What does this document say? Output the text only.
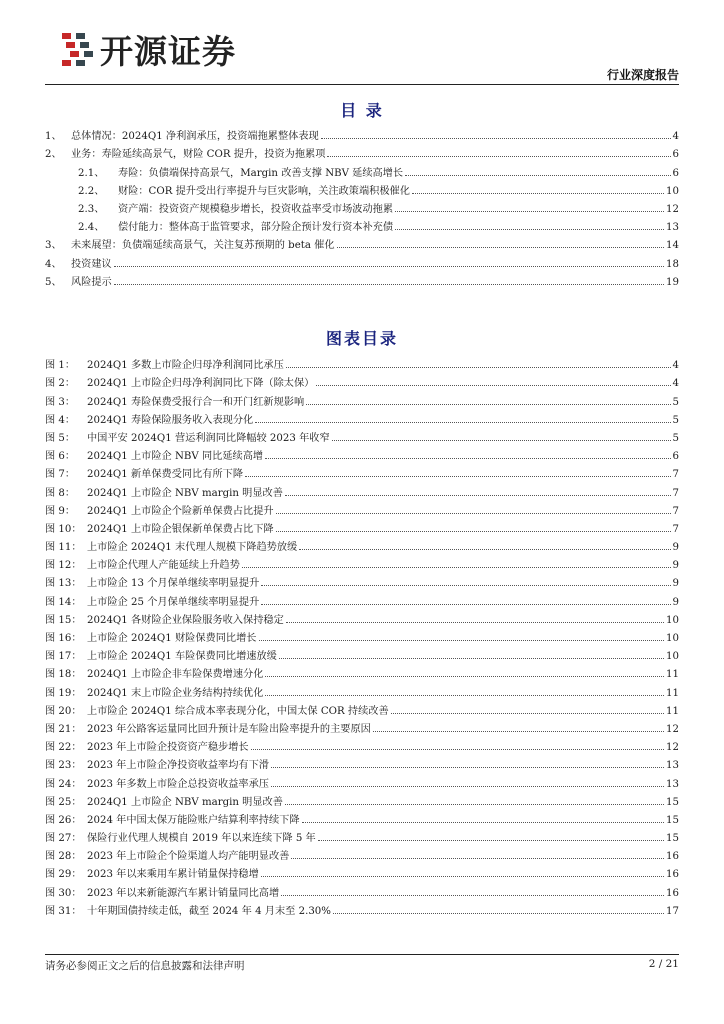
开源证券
行业深度报告
目 录
1、 总体情况：2024Q1 净利润承压，投资端拖累整体表现	4
2、 业务：寿险延续高景气，财险 COR 提升，投资为拖累项	6
2.1、	寿险：负债端保持高景气，Margin 改善支撑 NBV 延续高增长	6
2.2、	财险：COR 提升受出行率提升与巨灾影响，关注政策端积极催化	10
2.3、	资产端：投资资产规模稳步增长，投资收益率受市场波动拖累	12
2.4、	偿付能力：整体高于监管要求，部分险企预计发行资本补充债	13
3、 未来展望：负债端延续高景气，关注复苏预期的 beta 催化	14
4、 投资建议	18
5、 风险提示	19
图表目录
图 1：	2024Q1 多数上市险企归母净利润同比承压	4
图 2：	2024Q1 上市险企归母净利润同比下降（除太保）	4
图 3：	2024Q1 寿险保费受报行合一和开门红新规影响	5
图 4：	2024Q1 寿险保险服务收入表现分化	5
图 5：	中国平安 2024Q1 营运利润同比降幅较 2023 年收窄	5
图 6：	2024Q1 上市险企 NBV 同比延续高增	6
图 7：	2024Q1 新单保费受同比有所下降	7
图 8：	2024Q1 上市险企 NBV margin 明显改善	7
图 9：	2024Q1 上市险企个险新单保费占比提升	7
图 10： 2024Q1 上市险企银保新单保费占比下降	7
图 11： 上市险企 2024Q1 末代理人规模下降趋势放缓	9
图 12： 上市险企代理人产能延续上升趋势	9
图 13： 上市险企 13 个月保单继续率明显提升	9
图 14： 上市险企 25 个月保单继续率明显提升	9
图 15： 2024Q1 各财险企业保险服务收入保持稳定	10
图 16： 上市险企 2024Q1 财险保费同比增长	10
图 17： 上市险企 2024Q1 车险保费同比增速放缓	10
图 18： 2024Q1 上市险企非车险保费增速分化	11
图 19： 2024Q1 末上市险企业务结构持续优化	11
图 20： 上市险企 2024Q1 综合成本率表现分化，中国太保 COR 持续改善	11
图 21： 2023 年公路客运量同比回升预计是车险出险率提升的主要原因	12
图 22： 2023 年上市险企投资资产稳步增长	12
图 23： 2023 年上市险企净投资收益率均有下滑	13
图 24： 2023 年多数上市险企总投资收益率承压	13
图 25： 2024Q1 上市险企 NBV margin 明显改善	15
图 26： 2024 年中国太保万能险账户结算利率持续下降	15
图 27： 保险行业代理人规模自 2019 年以来连续下降 5 年	15
图 28： 2023 年上市险企个险渠道人均产能明显改善	16
图 29： 2023 年以来乘用车累计销量保持稳增	16
图 30： 2023 年以来新能源汽车累计销量同比高增	16
图 31： 十年期国债持续走低，截至 2024 年 4 月末至 2.30%	17
请务必参阅正文之后的信息披露和法律声明	2 / 21
